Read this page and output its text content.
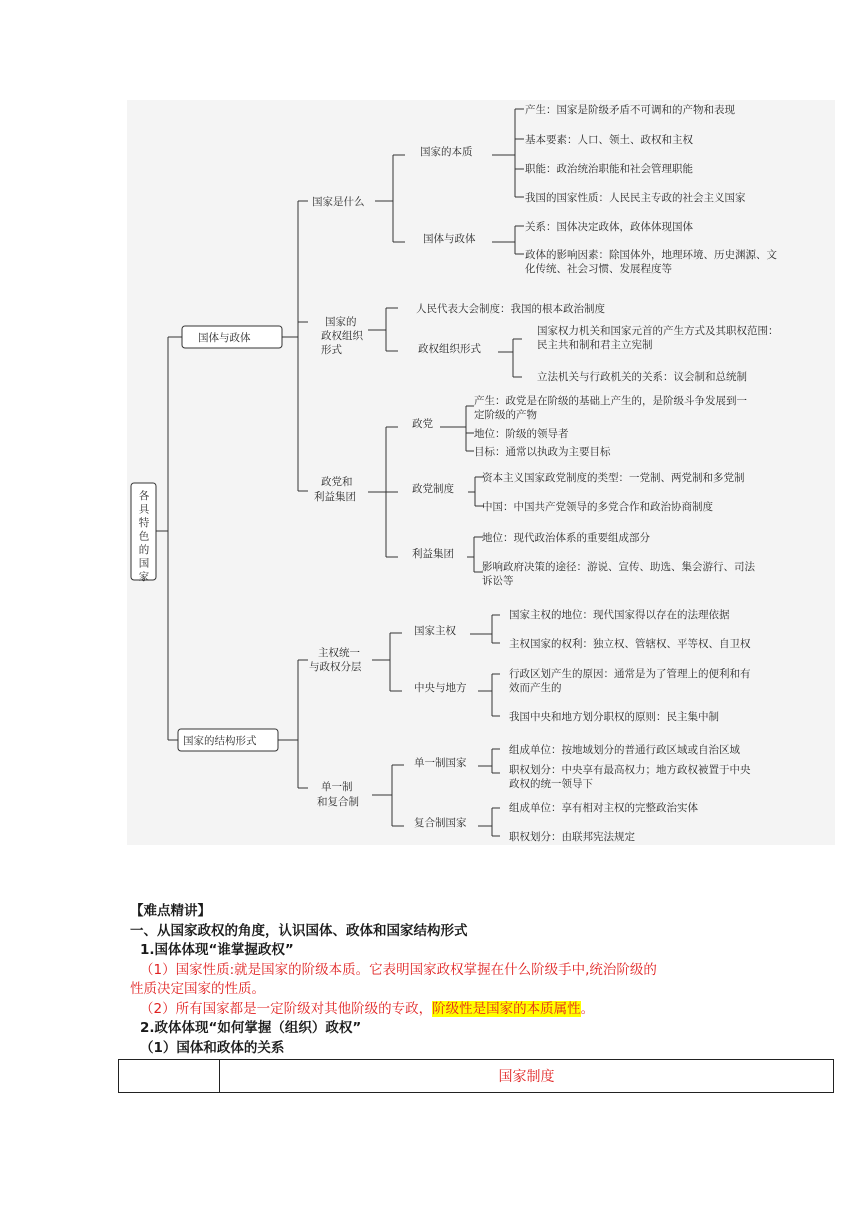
各具特色的国家
国体与政体
国家的结构形式
国家是什么
国家的
政权组织
形式
政党和
利益集团
主权统一
与政权分层
单一制
和复合制
国家的本质
国体与政体
政权组织形式
政党
政党制度
利益集团
国家主权
中央与地方
单一制国家
复合制国家
人民代表大会制度：我国的根本政治制度
产生：国家是阶级矛盾不可调和的产物和表现
基本要素：人口、领土、政权和主权
职能：政治统治职能和社会管理职能
我国的国家性质：人民民主专政的社会主义国家
关系：国体决定政体，政体体现国体
政体的影响因素：除国体外，地理环境、历史渊源、文
化传统、社会习惯、发展程度等
国家权力机关和国家元首的产生方式及其职权范围：
民主共和制和君主立宪制
立法机关与行政机关的关系：议会制和总统制
产生：政党是在阶级的基础上产生的，是阶级斗争发展到一
定阶级的产物
地位：阶级的领导者
目标：通常以执政为主要目标
资本主义国家政党制度的类型：一党制、两党制和多党制
中国：中国共产党领导的多党合作和政治协商制度
地位：现代政治体系的重要组成部分
影响政府决策的途径：游说、宣传、助选、集会游行、司法
诉讼等
国家主权的地位：现代国家得以存在的法理依据
主权国家的权利：独立权、管辖权、平等权、自卫权
行政区划产生的原因：通常是为了管理上的便利和有
效而产生的
我国中央和地方划分职权的原则：民主集中制
组成单位：按地域划分的普通行政区域或自治区域
职权划分：中央享有最高权力；地方政权被置于中央
政权的统一领导下
组成单位：享有相对主权的完整政治实体
职权划分：由联邦宪法规定
【难点精讲】
一、从国家政权的角度，认识国体、政体和国家结构形式
1.国体体现“谁掌握政权”
（1）国家性质:就是国家的阶级本质。它表明国家政权掌握在什么阶级手中,统治阶级的
性质决定国家的性质。
（2）所有国家都是一定阶级对其他阶级的专政，阶级性是国家的本质属性。
2.政体体现“如何掌握（组织）政权”
（1）国体和政体的关系
	国家制度
